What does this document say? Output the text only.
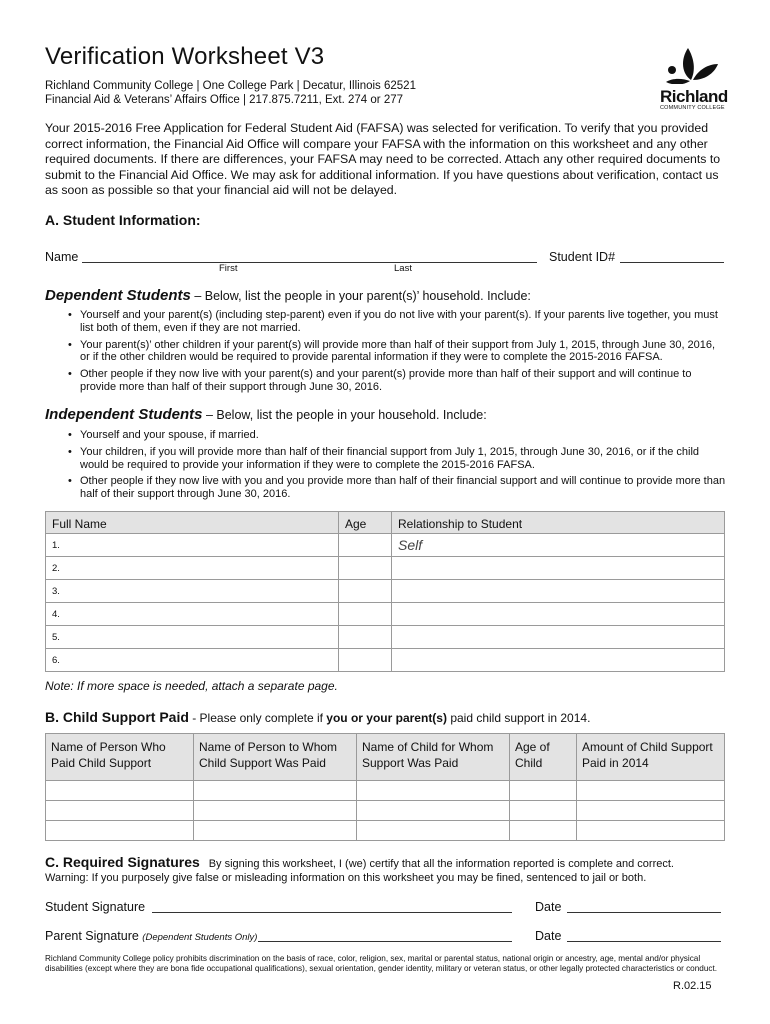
Verification Worksheet V3
Richland Community College | One College Park | Decatur, Illinois 62521
Financial Aid & Veterans’ Affairs Office | 217.875.7211, Ext. 274 or 277	Richland
COMMUNITY COLLEGE
Your 2015-2016 Free Application for Federal Student Aid (FAFSA) was selected for verification. To verify that you provided correct information, the Financial Aid Office will compare your FAFSA with the information on this worksheet and any other required documents. If there are differences, your FAFSA may need to be corrected. Attach any other required documents to submit to the Financial Aid Office. We may ask for additional information. If you have questions about verification, contact us as soon as possible so that your financial aid will not be delayed.
A. Student Information:
Name
First	Last
Student ID#
Dependent Students – Below, list the people in your parent(s)’ household. Include:
• Yourself and your parent(s) (including step-parent) even if you do not live with your parent(s). If your parents live together, you must list both of them, even if they are not married.
• Your parent(s)’ other children if your parent(s) will provide more than half of their support from July 1, 2015, through June 30, 2016, or if the other children would be required to provide parental information if they were to complete the 2015-2016 FAFSA.
• Other people if they now live with your parent(s) and your parent(s) provide more than half of their support and will continue to provide more than half of their support through June 30, 2016.
Independent Students – Below, list the people in your household. Include:
• Yourself and your spouse, if married.
• Your children, if you will provide more than half of their financial support from July 1, 2015, through June 30, 2016, or if the child would be required to provide your information if they were to complete the 2015-2016 FAFSA.
• Other people if they now live with you and you provide more than half of their financial support and will continue to provide more than half of their support through June 30, 2016.
Full Name	Age	Relationship to Student
1.		Self
2.		
3.		
4.		
5.		
6.		
Note: If more space is needed, attach a separate page.
B. Child Support Paid - Please only complete if you or your parent(s) paid child support in 2014.
Name of Person Who Paid Child Support	Name of Person to Whom Child Support Was Paid	Name of Child for Whom Support Was Paid	Age of Child	Amount of Child Support Paid in 2014

C. Required Signatures By signing this worksheet, I (we) certify that all the information reported is complete and correct.
Warning: If you purposely give false or misleading information on this worksheet you may be fined, sentenced to jail or both.
Student Signature	Date
Parent Signature (Dependent Students Only)	Date
Richland Community College policy prohibits discrimination on the basis of race, color, religion, sex, marital or parental status, national origin or ancestry, age, mental and/or physical disabilities (except where they are bona fide occupational qualifications), sexual orientation, gender identity, military or veteran status, or other legally protected characteristics or conduct.
R.02.15
